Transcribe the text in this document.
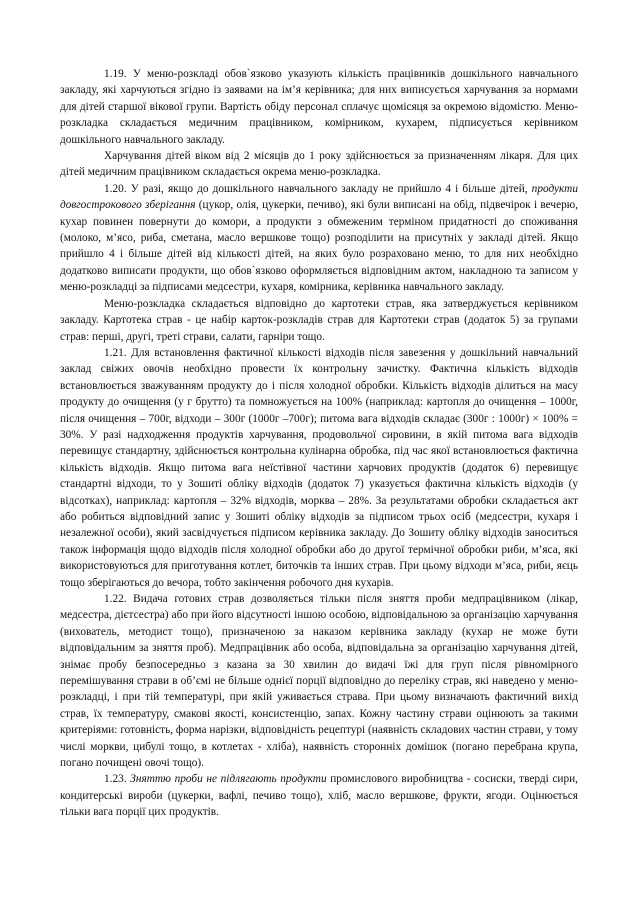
1.19. У меню-розкладі обов`язково указують кількість працівників дошкільного навчального закладу, які харчуються згідно із заявами на ім’я керівника; для них виписується харчування за нормами для дітей старшої вікової групи. Вартість обіду персонал сплачує щомісяця за окремою відомістю. Меню-розкладка складається медичним працівником, комірником, кухарем, підписується керівником дошкільного навчального закладу.

Харчування дітей віком від 2 місяців до 1 року здійснюється за призначенням лікаря. Для цих дітей медичним працівником складається окрема меню-розкладка.

1.20. У разі, якщо до дошкільного навчального закладу не прийшло 4 і більше дітей, продукти довгострокового зберігання (цукор, олія, цукерки, печиво), які були виписані на обід, підвечірок і вечерю, кухар повинен повернути до комори, а продукти з обмеженим терміном придатності до споживання (молоко, м’ясо, риба, сметана, масло вершкове тощо) розподілити на присутніх у закладі дітей. Якщо прийшло 4 і більше дітей від кількості дітей, на яких було розраховано меню, то для них необхідно додатково виписати продукти, що обов`язково оформляється відповідним актом, накладною та записом у меню-розкладці за підписами медсестри, кухаря, комірника, керівника навчального закладу.

Меню-розкладка складається відповідно до картотеки страв, яка затверджується керівником закладу. Картотека страв - це набір карток-розкладів страв для Картотеки страв (додаток 5) за групами страв: перші, другі, треті страви, салати, гарніри тощо.

1.21. Для встановлення фактичної кількості відходів після завезення у дошкільний навчальний заклад свіжих овочів необхідно провести їх контрольну зачистку. Фактична кількість відходів встановлюється зважуванням продукту до і після холодної обробки. Кількість відходів ділиться на масу продукту до очищення (у г брутто) та помножується на 100% (наприклад: картопля до очищення – 1000г, після очищення – 700г, відходи – 300г (1000г –700г); питома вага відходів складає (300г : 1000г) × 100% = 30%. У разі надходження продуктів харчування, продовольчої сировини, в якій питома вага відходів перевищує стандартну, здійснюється контрольна кулінарна обробка, під час якої встановлюється фактична кількість відходів. Якщо питома вага неїстівної частини харчових продуктів (додаток 6) перевищує стандартні відходи, то у Зошиті обліку відходів (додаток 7) указується фактична кількість відходів (у відсотках), наприклад: картопля – 32% відходів, морква – 28%. За результатами обробки складається акт або робиться відповідний запис у Зошиті обліку відходів за підписом трьох осіб (медсестри, кухаря і незалежної особи), який засвідчується підписом керівника закладу. До Зошиту обліку відходів заноситься також інформація щодо відходів після холодної обробки або до другої термічної обробки риби, м’яса, які використовуються для приготування котлет, биточків та інших страв. При цьому відходи м’яса, риби, яєць тощо зберігаються до вечора, тобто закінчення робочого дня кухарів.

1.22. Видача готових страв дозволяється тільки після зняття проби медпрацівником (лікар, медсестра, дієтсестра) або при його відсутності іншою особою, відповідальною за організацію харчування (вихователь, методист тощо), призначеною за наказом керівника закладу (кухар не може бути відповідальним за зняття проб). Медпрацівник або особа, відповідальна за організацію харчування дітей, знімає пробу безпосередньо з казана за 30 хвилин до видачі їжі для груп після рівномірного перемішування страви в об’ємі не більше однієї порції відповідно до переліку страв, які наведено у меню-розкладці, і при тій температурі, при якій уживається страва. При цьому визначають фактичний вихід страв, їх температуру, смакові якості, консистенцію, запах. Кожну частину страви оцінюють за такими критеріями: готовність, форма нарізки, відповідність рецептурі (наявність складових частин страви, у тому числі моркви, цибулі тощо, в котлетах - хліба), наявність сторонніх домішок (погано перебрана крупа, погано почищені овочі тощо).

1.23. Зняттю проби не підлягають продукти промислового виробництва - сосиски, тверді сири, кондитерські вироби (цукерки, вафлі, печиво тощо), хліб, масло вершкове, фрукти, ягоди. Оцінюється тільки вага порції цих продуктів.
